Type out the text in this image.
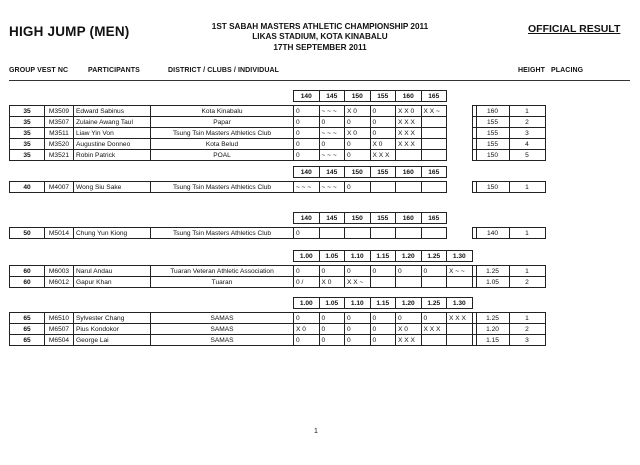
HIGH JUMP (MEN)	1ST SABAH MASTERS ATHLETIC CHAMPIONSHIP 2011
LIKAS STADIUM, KOTA KINABALU
17TH SEPTEMBER 2011
OFFICIAL RESULT
GROUP VEST NC	PARTICIPANTS	DISTRICT / CLUBS / INDIVIDUAL	HEIGHT PLACING
				140	145	150	155	160	165				

35	M3509	Edward Sabinus	Kota Kinabalu	0	~ ~ ~	X 0	0	X X 0	X X ~			160	1
35	M3507	Zulaine Awang Taul	Papar	0	0	0	0	X X X				155	2
35	M3511	Liaw Yin Von	Tsung Tsin Masters Athletics Club	0	~ ~ ~	X 0	0	X X X				155	3
35	M3520	Augustine Donneo	Kota Belud	0	0	0	X 0	X X X				155	4
35	M3521	Robin Patrick	POAL	0	~ ~ ~	0	X X X					150	5
				140	145	150	155	160	165				

40	M4007	Wong Siu Sake	Tsung Tsin Masters Athletics Club	~ ~ ~	~ ~ ~	0						150	1
				140	145	150	155	160	165				

50	M5014	Chung Yun Kiong	Tsung Tsin Masters Athletics Club	0								140	1
				1.00	1.05	1.10	1.15	1.20	1.25	1.30			

60	M6003	Narul Andau	Tuaran Veteran Athletic Association	0	0	0	0	0	0	X ~ ~		1.25	1
60	M6012	Gapur Khan	Tuaran	0 /	X 0	X X ~						1.05	2
				1.00	1.05	1.10	1.15	1.20	1.25	1.30			

65	M6510	Sylvester Chang	SAMAS	0	0	0	0	0	0	X X X		1.25	1
65	M6507	Pius Kondokor	SAMAS	X 0	0	0	0	X 0	X X X			1.20	2
65	M6504	George Lai	SAMAS	0	0	0	0	X X X				1.15	3
1
